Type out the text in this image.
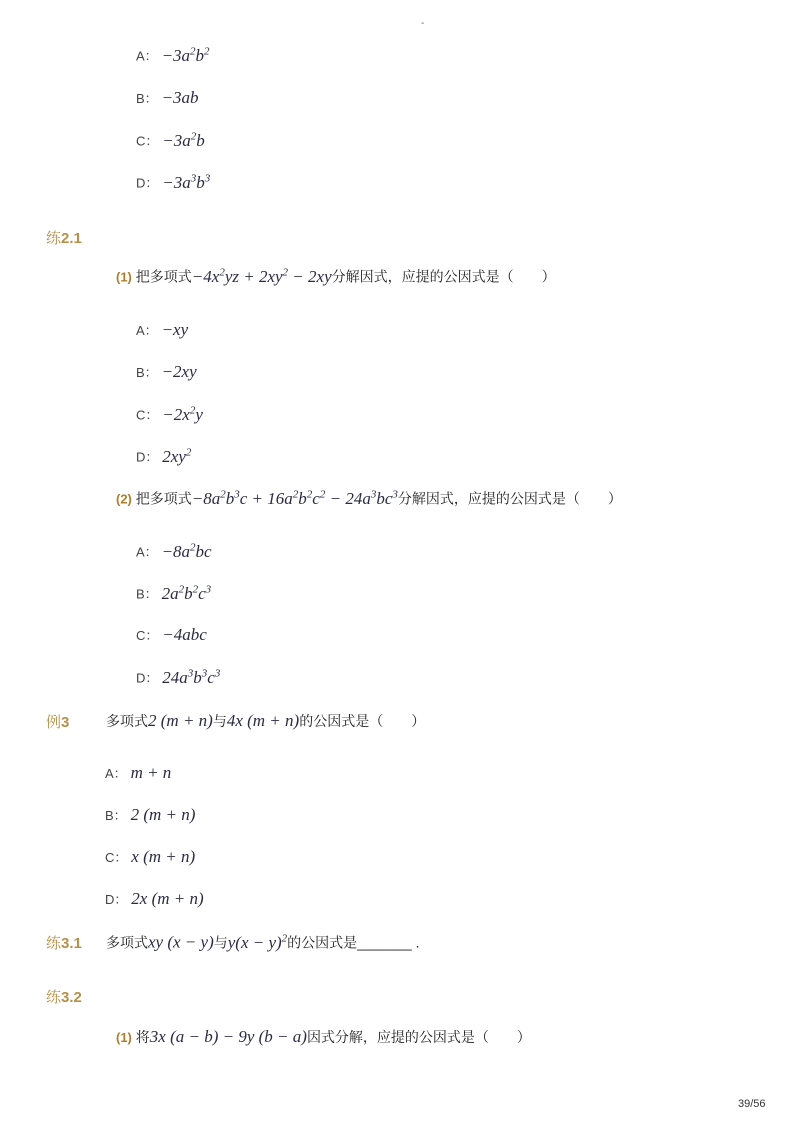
-
A： $-3a^2b^2$
B： −3ab
C： $-3a^2b$
D： $-3a^3b^3$
练2.1
(1) 把多项式$-4x^2yz + 2xy^2 - 2xy$分解因式，应提的公因式是（　　）
A： −xy
B： −2xy
C： $-2x^2y$
D： $2xy^2$
(2) 把多项式$-8a^2b^3c + 16a^2b^2c^2 - 24a^3bc^3$分解因式，应提的公因式是（　　）
A： $-8a^2bc$
B： $2a^2b^2c^3$
C： −4abc
D： $24a^3b^3c^3$
例3	多项式2 (m + n)与4x (m + n)的公因式是（　　）
A： m + n
B： 2 (m + n)
C： x (m + n)
D： 2x (m + n)
练3.1 多项式xy (x − y)与$y(x - y)^2$的公因式是_______ .
练3.2
(1) 将3x (a − b) − 9y (b − a)因式分解，应提的公因式是（　　）
39/56
